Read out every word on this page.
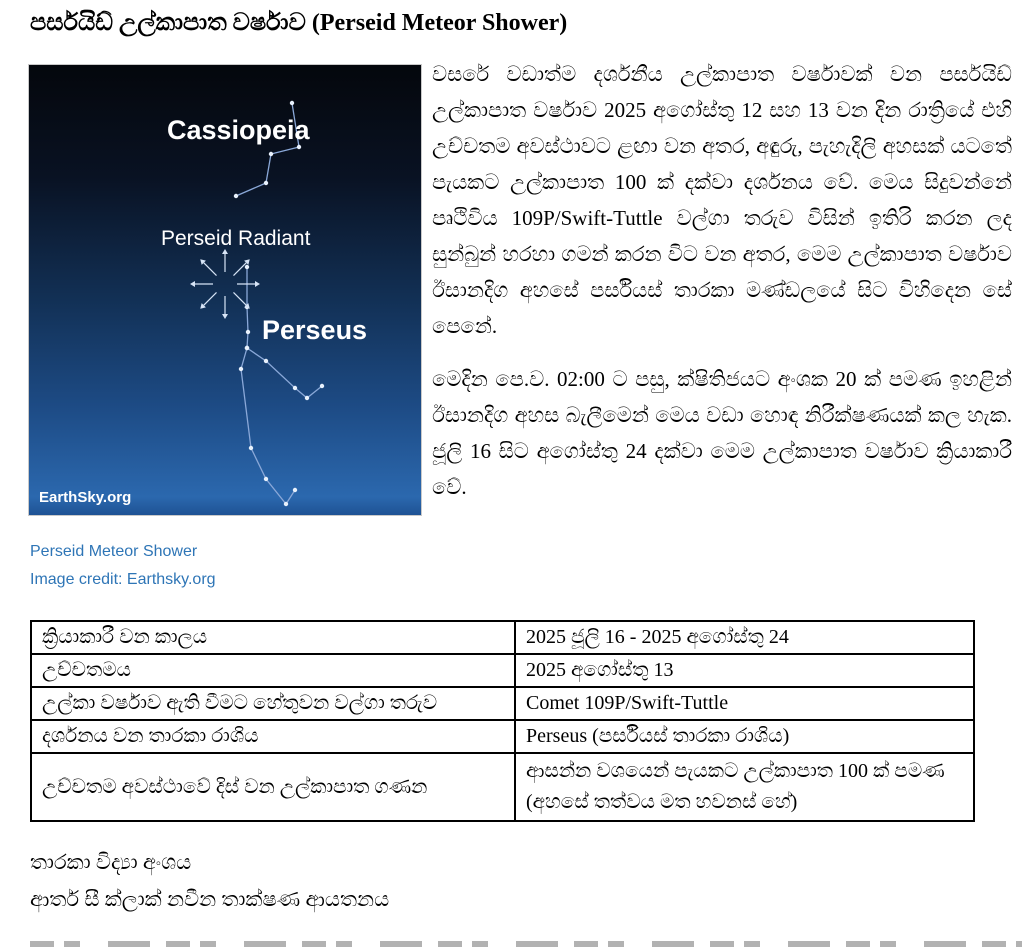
පර්සයිඩ් උල්කාපාත වර්ෂාව (Perseid Meteor Shower)
Cassiopeia
Perseid Radiant
Perseus
EarthSky.org

වසරේ වඩාත්ම දර්ශනීය උල්කාපාත වර්ෂාවක් වන පර්සයිඩ් උල්කාපාත වර්ෂාව 2025 අගෝස්තු 12 සහ 13 වන දින රාත්‍රියේ එහි උච්චතම අවස්ථාවට ළඟා වන අතර, අඳුරු, පැහැදිලි අහසක් යටතේ පැයකට උල්කාපාත 100 ක් දක්වා දර්ශනය වේ. මෙය සිදුවන්නේ පෘථිවිය 109P/Swift-Tuttle වල්ගා තරුව විසින් ඉතිරි කරන ලද සුන්බුන් හරහා ගමන් කරන විට වන අතර, මෙම උල්කාපාත වර්ෂාව ඊසානදිග අහසේ පර්සියස් තාරකා මණ්ඩලයේ සිට විහිදෙන සේ පෙනේ.

මෙදින පෙ.ව. 02:00 ට පසු, ක්ෂිතිජයට අංශක 20 ක් පමණ ඉහළින් ඊසානදිග අහස බැලීමෙන් මෙය වඩා හොඳ නිරීක්ෂණයක් කල හැක. ජූලි 16 සිට අගෝස්තු 24 දක්වා මෙම උල්කාපාත වර්ෂාව ක්‍රියාකාරී වේ.

Perseid Meteor Shower
Image credit: Earthsky.org
ක්‍රියාකාරී වන කාලය	2025 ජූලි 16 - 2025 අගෝස්තු 24
උච්චතමය	2025 අගෝස්තු 13
උල්කා වර්ෂාව ඇති වීමට හේතුවන වල්ගා තරුව	Comet 109P/Swift-Tuttle
දර්ශනය වන තාරකා රාශිය	Perseus (පර්සියස් තාරකා රාශිය)
උච්චතම අවස්ථාවේ දිස් වන උල්කාපාත ගණන	ආසන්න වශයෙන් පැයකට උල්කාපාත 100 ක් පමණ (අහසේ තත්වය මත හවනස් හේ)
තාරකා විද්‍යා අංශය
ආතර් සී ක්ලාක් නවීන තාක්ෂණ ආයතනය
